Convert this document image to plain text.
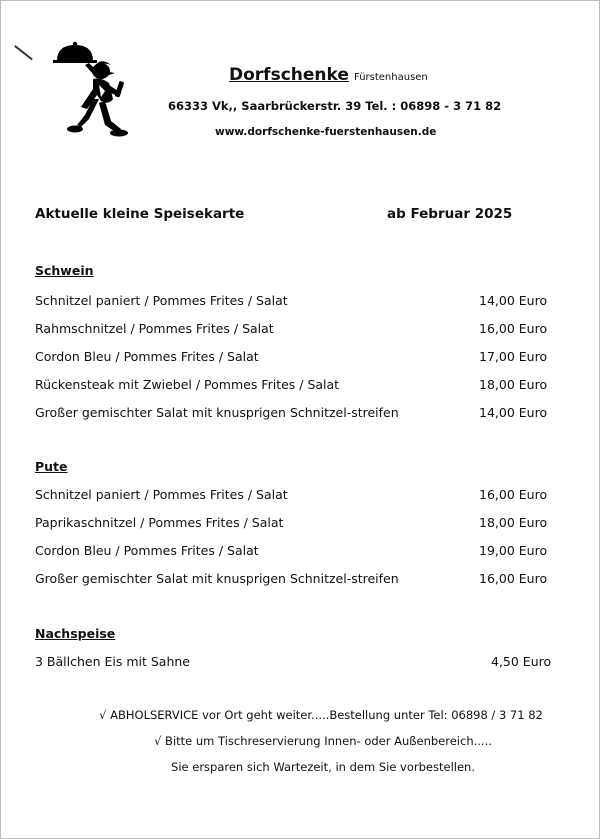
Dorfschenke Fürstenhausen
66333 Vk,, Saarbrückerstr. 39 Tel. : 06898 - 3 71 82
www.dorfschenke-fuerstenhausen.de
Aktuelle kleine Speisekarte	ab Februar 2025
Schwein
Schnitzel paniert / Pommes Frites / Salat	14,00 Euro
Rahmschnitzel / Pommes Frites / Salat	16,00 Euro
Cordon Bleu / Pommes Frites / Salat	17,00 Euro
Rückensteak mit Zwiebel / Pommes Frites / Salat	18,00 Euro
Großer gemischter Salat mit knusprigen Schnitzel-streifen	14,00 Euro
Pute
Schnitzel paniert / Pommes Frites / Salat	16,00 Euro
Paprikaschnitzel / Pommes Frites / Salat	18,00 Euro
Cordon Bleu / Pommes Frites / Salat	19,00 Euro
Großer gemischter Salat mit knusprigen Schnitzel-streifen	16,00 Euro
Nachspeise
3 Bällchen Eis mit Sahne	4,50 Euro
√ ABHOLSERVICE vor Ort geht weiter.....Bestellung unter Tel: 06898 / 3 71 82
√ Bitte um Tischreservierung Innen- oder Außenbereich.....
Sie ersparen sich Wartezeit, in dem Sie vorbestellen.
